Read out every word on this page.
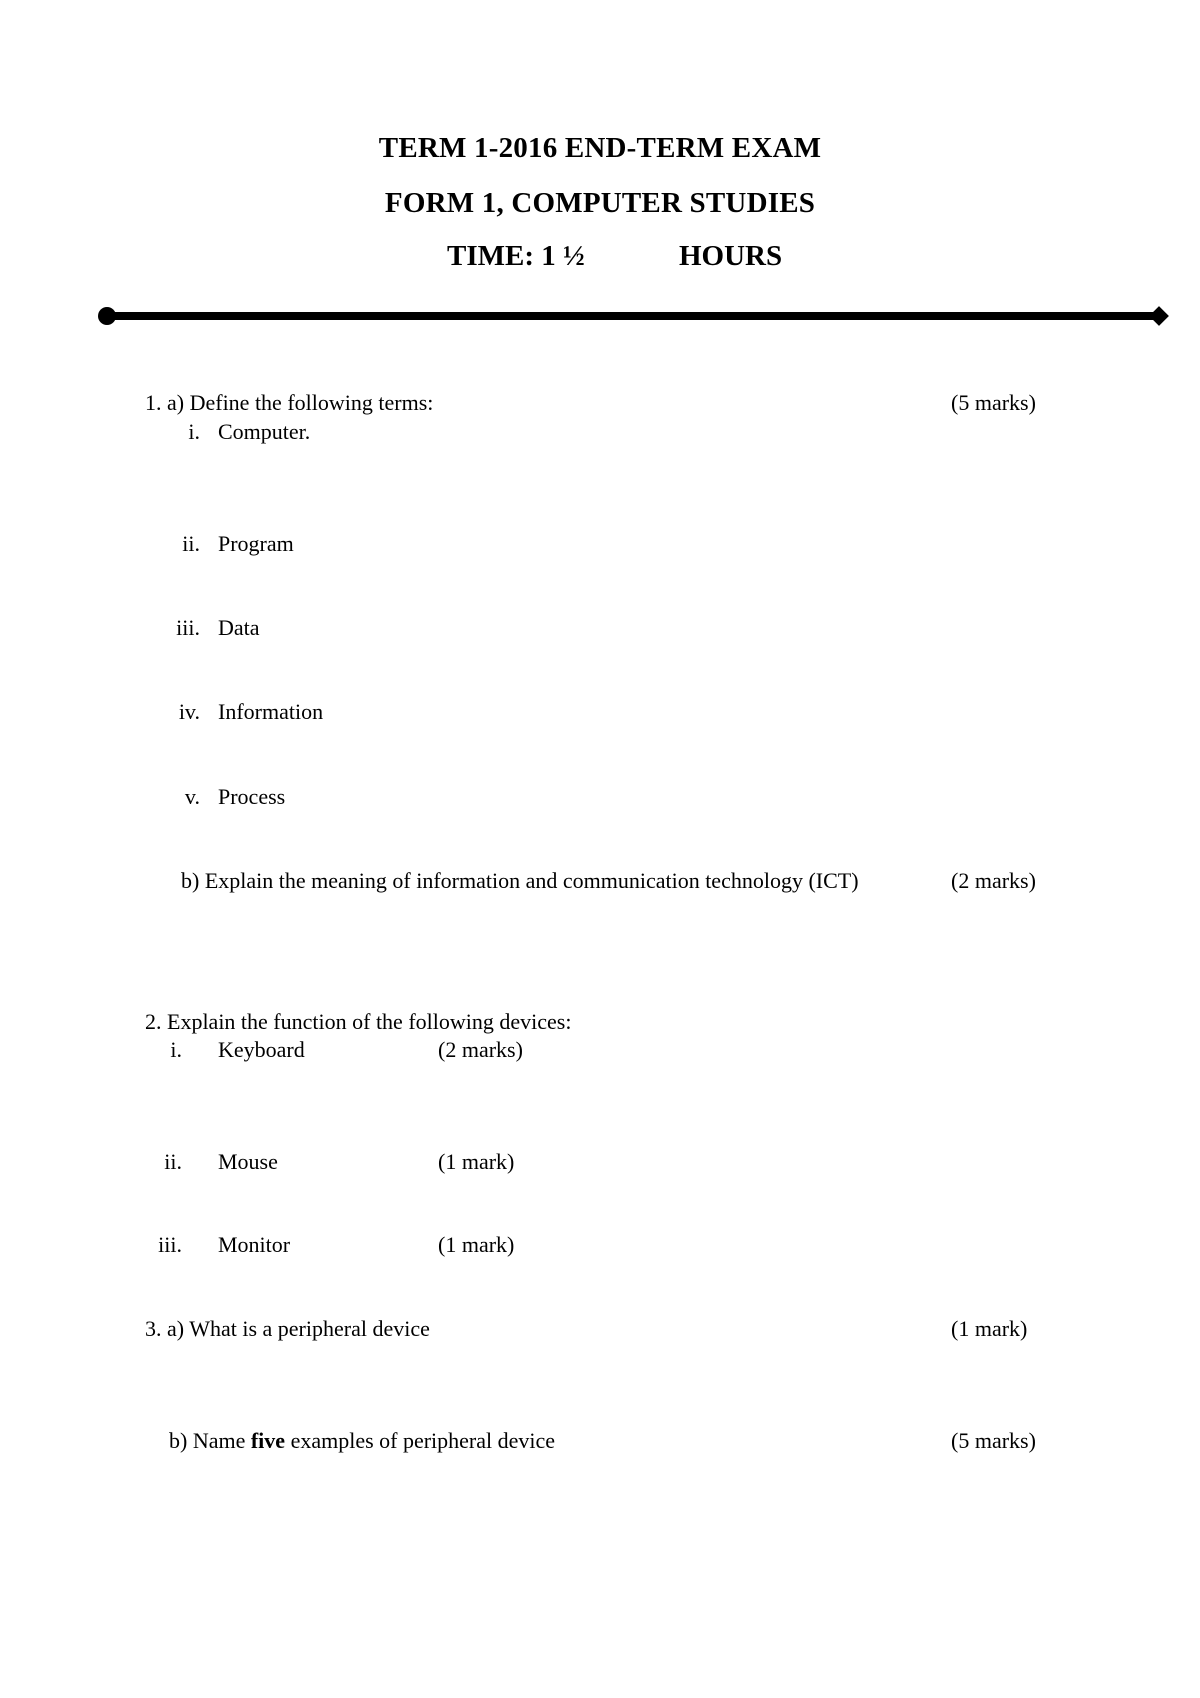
TERM 1-2016 END-TERM EXAM
FORM 1, COMPUTER STUDIES
TIME: 1 ½	HOURS
1. a) Define the following terms:	(5 marks)
i. Computer.
ii. Program
iii. Data
iv. Information
v. Process
b) Explain the meaning of information and communication technology (ICT)	(2 marks)
2. Explain the function of the following devices:
i. Keyboard	(2 marks)
ii. Mouse	(1 mark)
iii. Monitor	(1 mark)
3. a) What is a peripheral device	(1 mark)
b) Name five examples of peripheral device	(5 marks)
